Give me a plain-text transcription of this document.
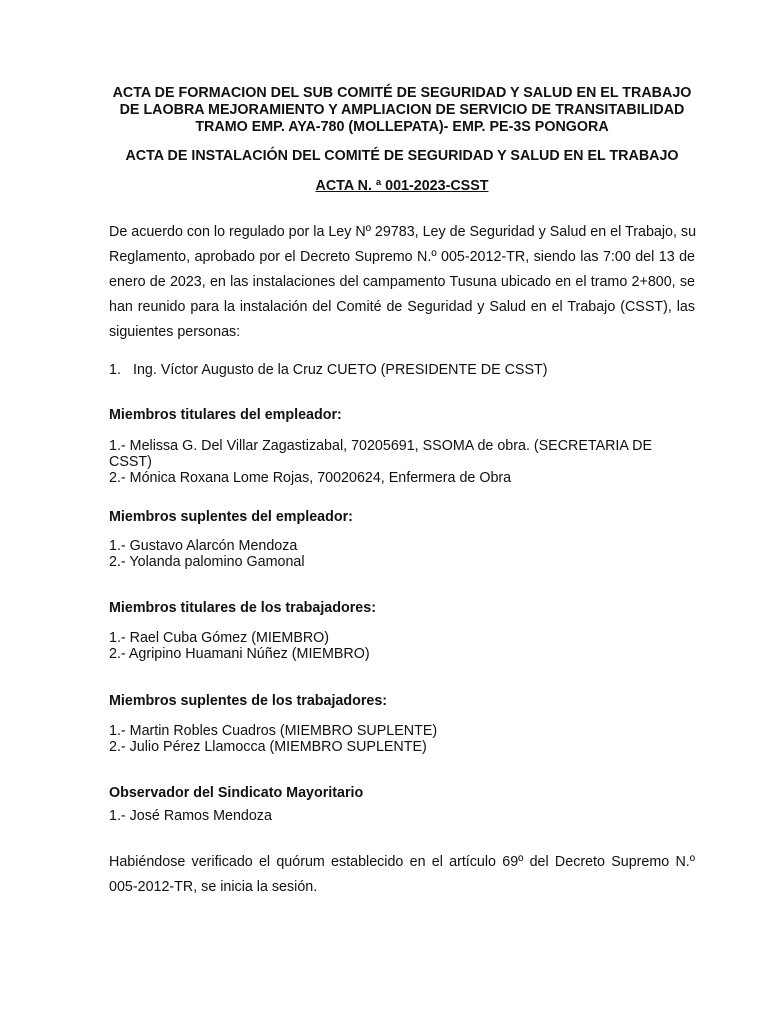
ACTA DE FORMACION DEL SUB COMITÉ DE SEGURIDAD Y SALUD EN EL TRABAJO
DE LAOBRA MEJORAMIENTO Y AMPLIACION DE SERVICIO DE TRANSITABILIDAD
TRAMO EMP. AYA-780 (MOLLEPATA)- EMP. PE-3S PONGORA
ACTA DE INSTALACIÓN DEL COMITÉ DE SEGURIDAD Y SALUD EN EL TRABAJO
ACTA N. ª 001-2023-CSST
De acuerdo con lo regulado por la Ley Nº 29783, Ley de Seguridad y Salud en el Trabajo, su
Reglamento, aprobado por el Decreto Supremo N.º 005-2012-TR, siendo las 7:00 del 13 de
enero de 2023, en las instalaciones del campamento Tusuna ubicado en el tramo 2+800, se
han reunido para la instalación del Comité de Seguridad y Salud en el Trabajo (CSST), las
siguientes personas:
1. Ing. Víctor Augusto de la Cruz CUETO (PRESIDENTE DE CSST)
Miembros titulares del empleador:
1.- Melissa G. Del Villar Zagastizabal, 70205691, SSOMA de obra. (SECRETARIA DE CSST)
2.- Mónica Roxana Lome Rojas, 70020624, Enfermera de Obra
Miembros suplentes del empleador:
1.- Gustavo Alarcón Mendoza
2.- Yolanda palomino Gamonal
Miembros titulares de los trabajadores:
1.- Rael Cuba Gómez (MIEMBRO)
2.- Agripino Huamani Núñez (MIEMBRO)
Miembros suplentes de los trabajadores:
1.- Martin Robles Cuadros (MIEMBRO SUPLENTE)
2.- Julio Pérez Llamocca (MIEMBRO SUPLENTE)
Observador del Sindicato Mayoritario
1.- José Ramos Mendoza
Habiéndose verificado el quórum establecido en el artículo 69º del Decreto Supremo N.º
005-2012-TR, se inicia la sesión.
